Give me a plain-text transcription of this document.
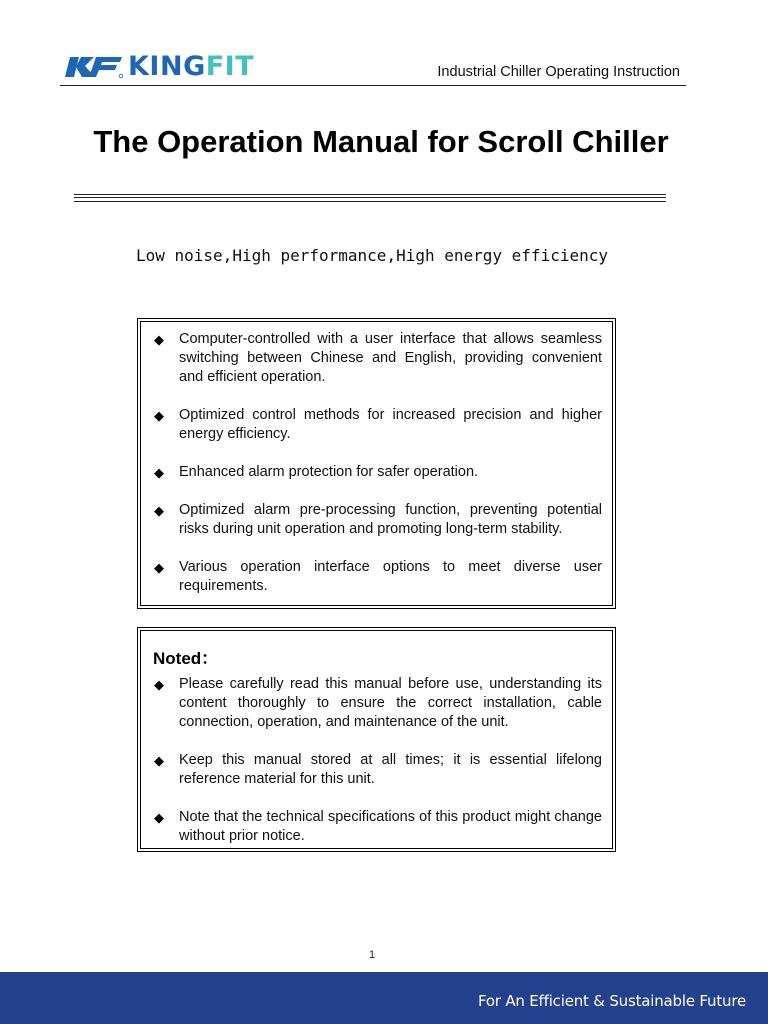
KINGFIT	Industrial Chiller Operating Instruction
The Operation Manual for Scroll Chiller
Low noise,High performance,High energy efficiency
◆	Computer-controlled with a user interface that allows seamless switching between Chinese and English, providing convenient and efficient operation.
◆	Optimized control methods for increased precision and higher energy efficiency.
◆	Enhanced alarm protection for safer operation.
◆	Optimized alarm pre-processing function, preventing potential risks during unit operation and promoting long-term stability.
◆	Various operation interface options to meet diverse user requirements.
Noted：
◆	Please carefully read this manual before use, understanding its content thoroughly to ensure the correct installation, cable connection, operation, and maintenance of the unit.
◆	Keep this manual stored at all times; it is essential lifelong reference material for this unit.
◆	Note that the technical specifications of this product might change without prior notice.
1
For An Efficient & Sustainable Future
